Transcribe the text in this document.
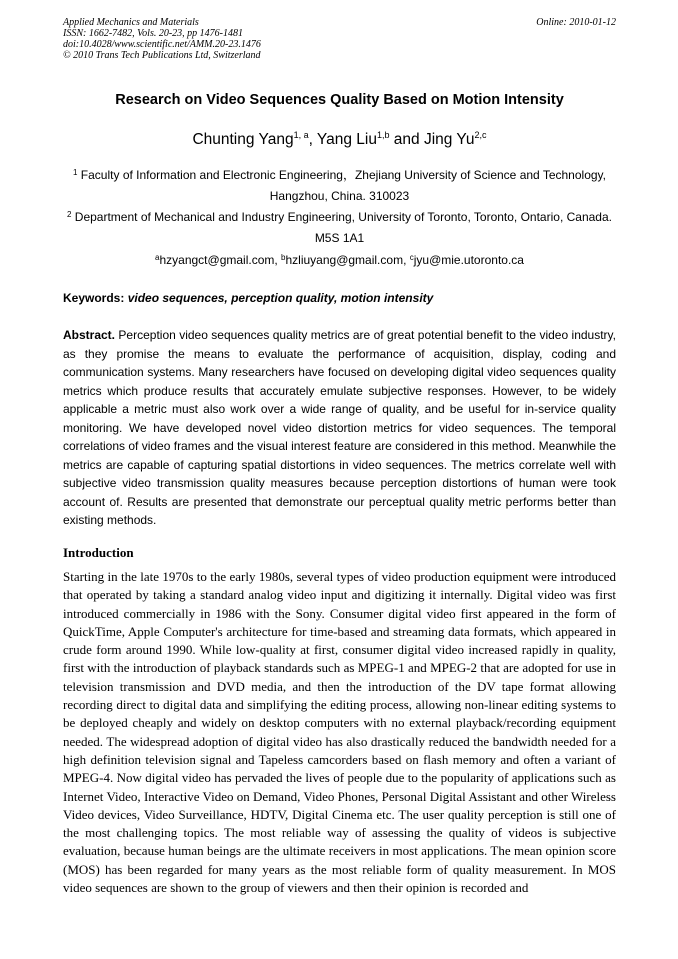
Applied Mechanics and Materials
ISSN: 1662-7482, Vols. 20-23, pp 1476-1481
doi:10.4028/www.scientific.net/AMM.20-23.1476
© 2010 Trans Tech Publications Ltd, Switzerland
Online: 2010-01-12
Research on Video Sequences Quality Based on Motion Intensity
Chunting Yang$^{1, a}$, Yang Liu$^{1,b}$ and Jing Yu$^{2,c}$
$^1$ Faculty of Information and Electronic Engineering，Zhejiang University of Science and Technology, Hangzhou, China. 310023
$^2$ Department of Mechanical and Industry Engineering, University of Toronto, Toronto, Ontario, Canada. M5S 1A1
$^a$hzyangct@gmail.com, $^b$hzliuyang@gmail.com, $^c$jyu@mie.utoronto.ca
Keywords: video sequences, perception quality, motion intensity
Abstract. Perception video sequences quality metrics are of great potential benefit to the video industry, as they promise the means to evaluate the performance of acquisition, display, coding and communication systems. Many researchers have focused on developing digital video sequences quality metrics which produce results that accurately emulate subjective responses. However, to be widely applicable a metric must also work over a wide range of quality, and be useful for in-service quality monitoring. We have developed novel video distortion metrics for video sequences. The temporal correlations of video frames and the visual interest feature are considered in this method. Meanwhile the metrics are capable of capturing spatial distortions in video sequences. The metrics correlate well with subjective video transmission quality measures because perception distortions of human were took account of. Results are presented that demonstrate our perceptual quality metric performs better than existing methods.
Introduction
Starting in the late 1970s to the early 1980s, several types of video production equipment were introduced that operated by taking a standard analog video input and digitizing it internally. Digital video was first introduced commercially in 1986 with the Sony. Consumer digital video first appeared in the form of QuickTime, Apple Computer's architecture for time-based and streaming data formats, which appeared in crude form around 1990. While low-quality at first, consumer digital video increased rapidly in quality, first with the introduction of playback standards such as MPEG-1 and MPEG-2 that are adopted for use in television transmission and DVD media, and then the introduction of the DV tape format allowing recording direct to digital data and simplifying the editing process, allowing non-linear editing systems to be deployed cheaply and widely on desktop computers with no external playback/recording equipment needed. The widespread adoption of digital video has also drastically reduced the bandwidth needed for a high definition television signal and Tapeless camcorders based on flash memory and often a variant of MPEG-4. Now digital video has pervaded the lives of people due to the popularity of applications such as Internet Video, Interactive Video on Demand, Video Phones, Personal Digital Assistant and other Wireless Video devices, Video Surveillance, HDTV, Digital Cinema etc. The user quality perception is still one of the most challenging topics. The most reliable way of assessing the quality of videos is subjective evaluation, because human beings are the ultimate receivers in most applications. The mean opinion score (MOS) has been regarded for many years as the most reliable form of quality measurement. In MOS video sequences are shown to the group of viewers and then their opinion is recorded and
